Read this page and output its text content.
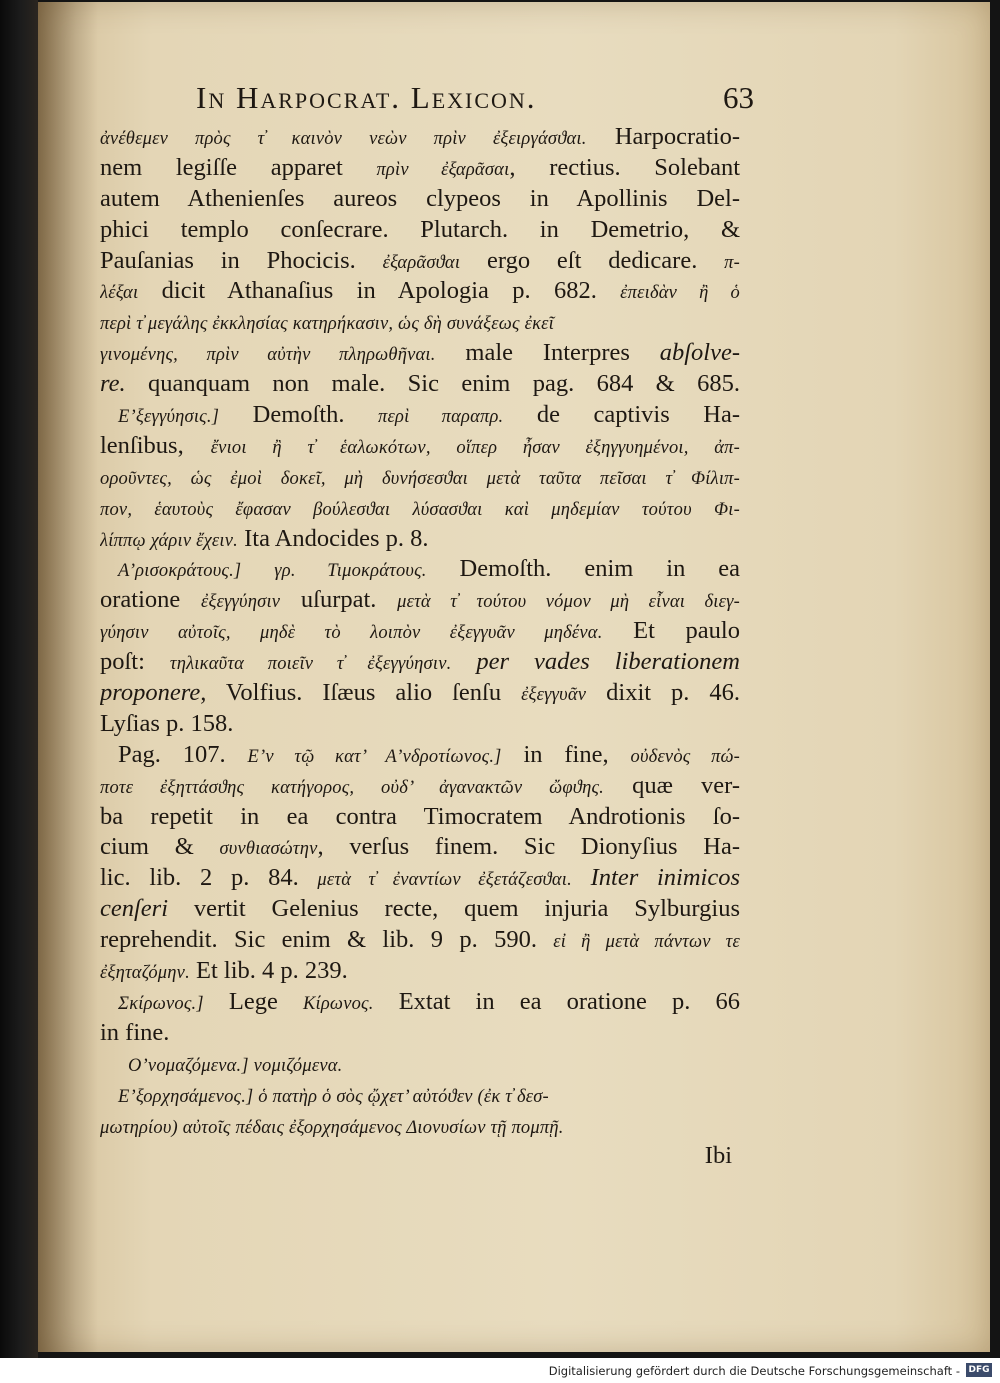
In Harpocrat. Lexicon.	63
ἀνέθεμεν πρὸς τ̓ καινὸν νεὼν πρὶν ἐξειργάσϑαι. Harpocratio-
nem legiſſe apparet πρὶν ἐξαρᾶσαι, rectius. Solebant
autem Athenienſes aureos clypeos in Apollinis Del-
phici templo conſecrare. Plutarch. in Demetrio, &
Pauſanias in Phocicis. ἐξαρᾶσϑαι ergo eſt dedicare. π-
λέξαι dicit Athanaſius in Apologia p. 682. ἐπειδὰν ἢ ὁ
περὶ τ̓ μεγάλης ἐκκλησίας κατηρήκασιν, ὡς δὴ συνάξεως ἐκεῖ
γινομένης, πρὶν αὐτὴν πληρωθῆναι. male Interpres abſolve-
re. quanquam non male. Sic enim pag. 684 & 685.
Ε’ξεγγύησις.] Demoſth. περὶ παραπρ. de captivis Ha-
lenſibus, ἔνιοι ἢ τ̓ ἑαλωκότων, οἵπερ ἦσαν ἐξηγγυημένοι, ἀπ-
οροῦντες, ὡς ἐμοὶ δοκεῖ, μὴ δυνήσεσϑαι μετὰ ταῦτα πεῖσαι τ̓ Φίλιπ-
πον, ἑαυτοὺς ἔφασαν βούλεσϑαι λύσασϑαι καὶ μηδεμίαν τούτου Φι-
λίππῳ χάριν ἔχειν. Ita Andocides p. 8.
Α’ρισοκράτους.] γρ. Τιμοκράτους. Demoſth. enim in ea
oratione ἐξεγγύησιν uſurpat. μετὰ τ̓ τούτου νόμον μὴ εἶναι διεγ-
γύησιν αὐτοῖς, μηδὲ τὸ λοιπὸν ἐξεγγυᾶν μηδένα. Et paulo
poſt: τηλικαῦτα ποιεῖν τ̓ ἐξεγγύησιν. per vades liberationem
proponere, Volfius. Iſæus alio ſenſu ἐξεγγυᾶν dixit p. 46.
Lyſias p. 158.
Pag. 107. Ε’ν τῷ κατ’ Α’νδροτίωνος.] in fine, οὐδενὸς πώ-
ποτε ἐξηττάσϑης κατήγορος, οὐδ’ ἀγανακτῶν ὤφϑης. quæ ver-
ba repetit in ea contra Timocratem Androtionis ſo-
cium & συνθιασώτην, verſus finem. Sic Dionyſius Ha-
lic. lib. 2 p. 84. μετὰ τ̓ ἐναντίων ἐξετάζεσϑαι. Inter inimicos
cenſeri vertit Gelenius recte, quem injuria Sylburgius
reprehendit. Sic enim & lib. 9 p. 590. εἰ ἢ μετὰ πάντων τε
ἐξηταζόμην. Et lib. 4 p. 239.
Σκίρωνος.] Lege Κίρωνος. Extat in ea oratione p. 66
in fine.
Ο’νομαζόμενα.] νομιζόμενα.
Ε’ξορχησάμενος.] ὁ πατὴρ ὁ σὸς ᾤχετ’ αὐτόϑεν (ἐκ τ̓ δεσ-
μωτηρίου) αὐτοῖς πέδαις ἐξορχησάμενος Διονυσίων τῇ πομπῇ.
Ibi
Digitalisierung gefördert durch die Deutsche Forschungsgemeinschaft - DFG
